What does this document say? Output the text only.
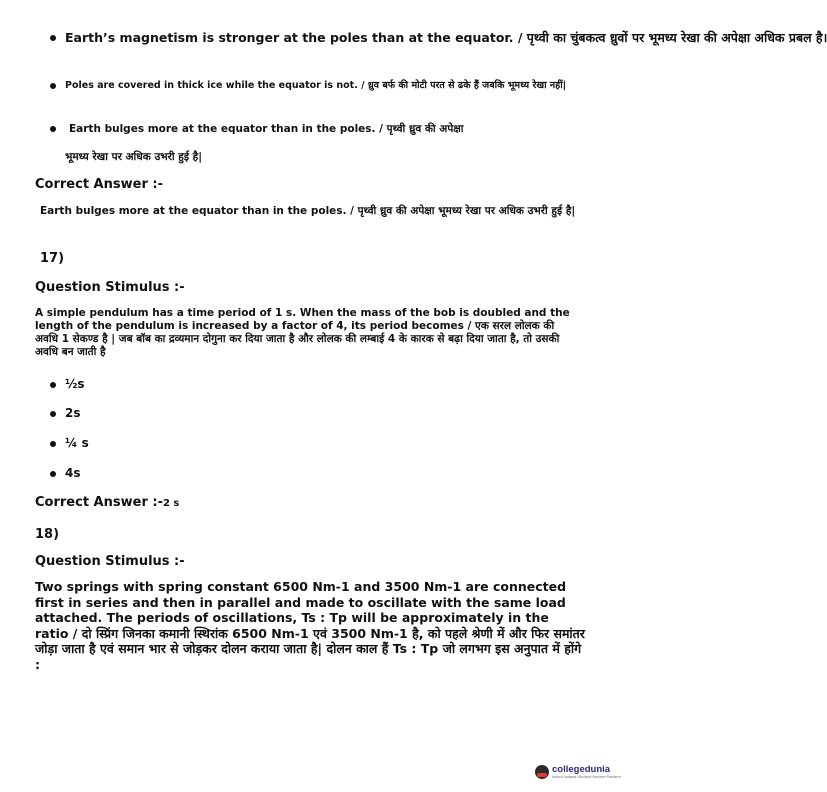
Earth’s magnetism is stronger at the poles than at the equator. / पृथ्वी का चुंबकत्व ध्रुवों पर भूमध्य रेखा की अपेक्षा अधिक प्रबल है।
Poles are covered in thick ice while the equator is not. / ध्रुव बर्फ की मोटी परत से ढके हैं जबकि भूमध्य रेखा नहीं|
Earth bulges more at the equator than in the poles. / पृथ्वी ध्रुव की अपेक्षा
भूमध्य रेखा पर अधिक उभरी हुई है|
Correct Answer :-
Earth bulges more at the equator than in the poles. / पृथ्वी ध्रुव की अपेक्षा भूमध्य रेखा पर अधिक उभरी हुई है|
17)
Question Stimulus :-
A simple pendulum has a time period of 1 s. When the mass of the bob is doubled and the length of the pendulum is increased by a factor of 4, its period becomes / एक सरल लोलक की अवधि 1 सेकण्ड है | जब बॉब का द्रव्यमान दोगुना कर दिया जाता है और लोलक की लम्बाई 4 के कारक से बढ़ा दिया जाता है, तो उसकी अवधि बन जाती है
½s
2s
¼ s
4s
Correct Answer :-2 s
18)
Question Stimulus :-
Two springs with spring constant 6500 Nm-1 and 3500 Nm-1 are connected first in series and then in parallel and made to oscillate with the same load attached. The periods of oscillations, Ts : Tp will be approximately in the ratio / दो स्प्रिंग जिनका कमानी स्थिरांक 6500 Nm-1 एवं 3500 Nm-1 है, को पहले श्रेणी में और फिर समांतर जोड़ा जाता है एवं समान भार से जोड़कर दोलन कराया जाता है| दोलन काल हैं Ts : Tp जो लगभग इस अनुपात में होंगे :
collegedunia
India's largest Student Review Platform
